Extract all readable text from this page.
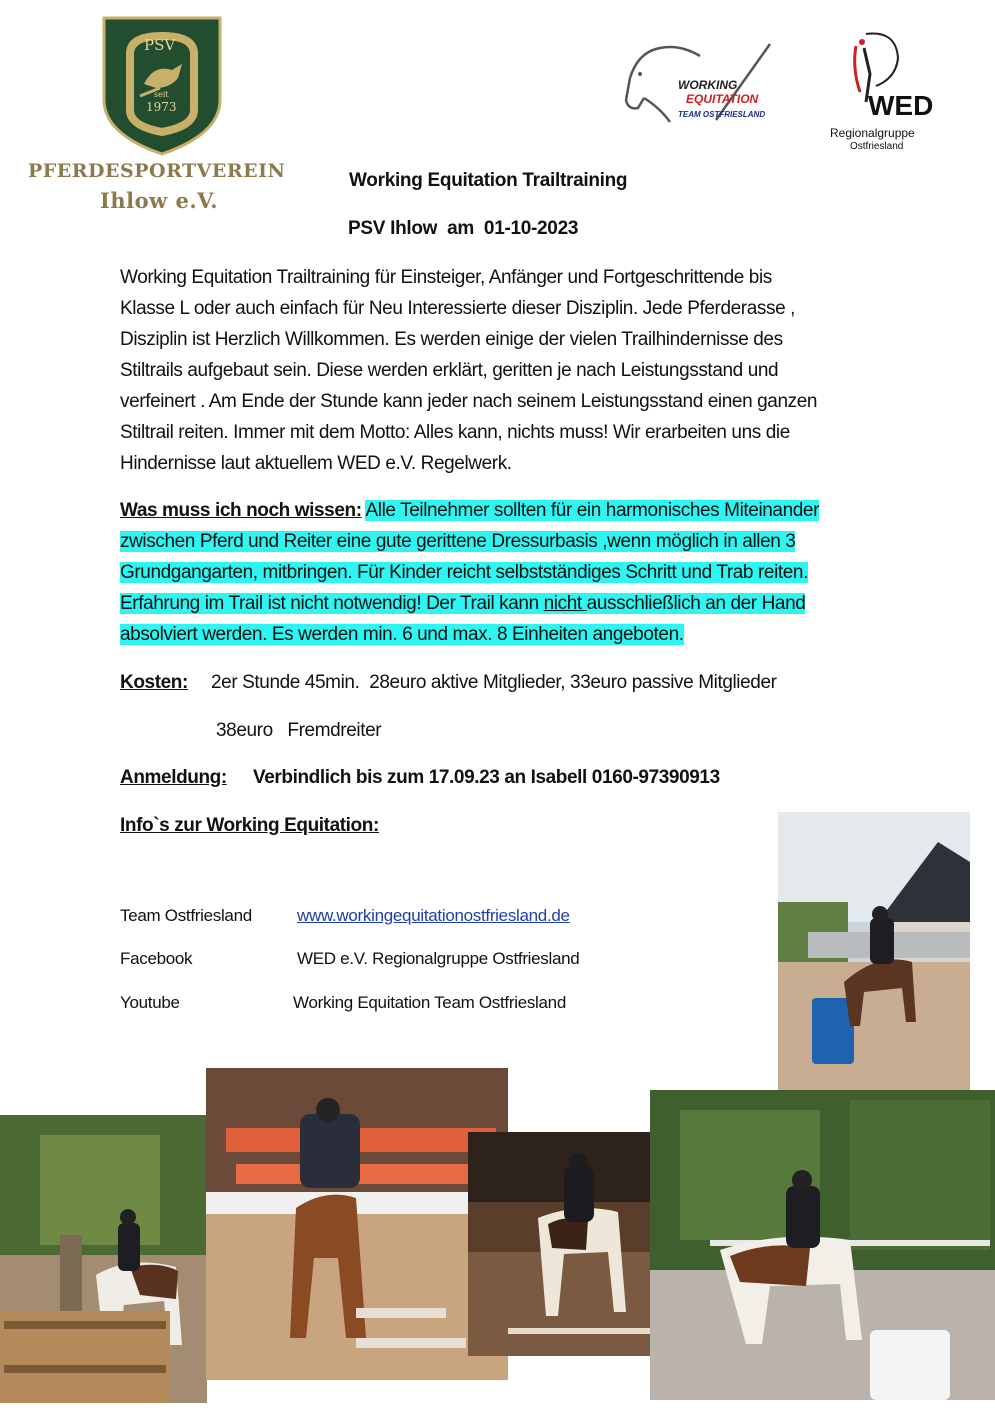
PSV
seit
1973
PFERDESPORTVEREIN
Ihlow e.V.
WORKING
EQUITATION
TEAM OSTFRIESLAND	WED
Regionalgruppe
Ostfriesland
Working Equitation Trailtraining
PSV Ihlow  am  01-10-2023
Working Equitation Trailtraining für Einsteiger, Anfänger und Fortgeschrittende bis
Klasse L oder auch einfach für Neu Interessierte dieser Disziplin. Jede Pferderasse ,
Disziplin ist Herzlich Willkommen. Es werden einige der vielen Trailhindernisse des
Stiltrails aufgebaut sein. Diese werden erklärt, geritten je nach Leistungsstand und
verfeinert . Am Ende der Stunde kann jeder nach seinem Leistungsstand einen ganzen
Stiltrail reiten. Immer mit dem Motto: Alles kann, nichts muss! Wir erarbeiten uns die
Hindernisse laut aktuellem WED e.V. Regelwerk.
Was muss ich noch wissen: Alle Teilnehmer sollten für ein harmonisches Miteinander
zwischen Pferd und Reiter eine gute gerittene Dressurbasis ,wenn möglich in allen 3
Grundgangarten, mitbringen. Für Kinder reicht selbstständiges Schritt und Trab reiten.
Erfahrung im Trail ist nicht notwendig! Der Trail kann nicht ausschließlich an der Hand
absolviert werden. Es werden min. 6 und max. 8 Einheiten angeboten.
Kosten: 2er Stunde 45min.  28euro aktive Mitglieder, 33euro passive Mitglieder
38euro   Fremdreiter
Anmeldung: Verbindlich bis zum 17.09.23 an Isabell 0160-97390913
Info`s zur Working Equitation:
Team Ostfriesland	www.workingequitationostfriesland.de
Facebook	WED e.V. Regionalgruppe Ostfriesland
Youtube	Working Equitation Team Ostfriesland
